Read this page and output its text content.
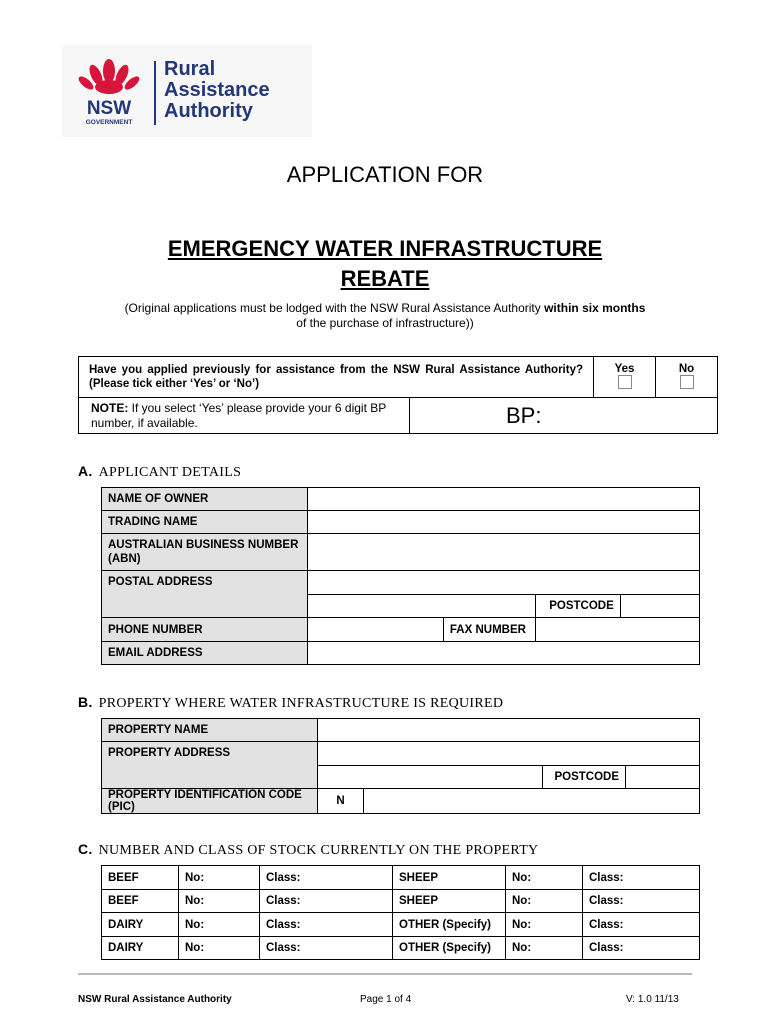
NSW
GOVERNMENT
Rural
Assistance
Authority
APPLICATION FOR
EMERGENCY WATER INFRASTRUCTURE
REBATE
(Original applications must be lodged with the NSW Rural Assistance Authority within six months
of the purchase of infrastructure))
Have you applied previously for assistance from the NSW Rural Assistance Authority? (Please tick either ‘Yes’ or ‘No’)		Yes	No

NOTE: If you select ‘Yes’ please provide your 6 digit BP number, if available.	BP:		
A. APPLICANT DETAILS
NAME OF OWNER				
TRADING NAME				
AUSTRALIAN BUSINESS NUMBER (ABN)				
POSTAL ADDRESS				
			POSTCODE	
PHONE NUMBER		FAX NUMBER		
EMAIL ADDRESS				
B. PROPERTY WHERE WATER INFRASTRUCTURE IS REQUIRED
PROPERTY NAME				
PROPERTY ADDRESS				
			POSTCODE	
PROPERTY IDENTIFICATION CODE (PIC)	N			
C. NUMBER AND CLASS OF STOCK CURRENTLY ON THE PROPERTY
BEEF	No:	Class:	SHEEP	No:	Class:
BEEF	No:	Class:	SHEEP	No:	Class:
DAIRY	No:	Class:	OTHER (Specify)	No:	Class:
DAIRY	No:	Class:	OTHER (Specify)	No:	Class:
NSW Rural Assistance Authority	Page 1 of 4	V: 1.0 11/13
